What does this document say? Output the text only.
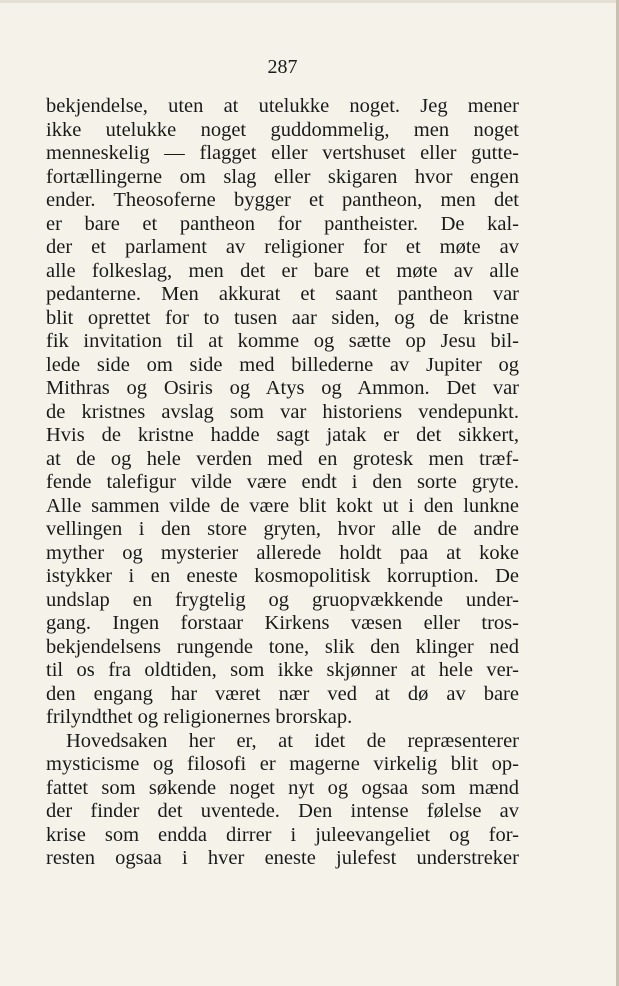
287

bekjendelse, uten at utelukke noget. Jeg mener
ikke utelukke noget guddommelig, men noget
menneskelig — flagget eller vertshuset eller gutte-
fortællingerne om slag eller skigaren hvor engen
ender. Theosoferne bygger et pantheon, men det
er bare et pantheon for pantheister. De kal-
der et parlament av religioner for et møte av
alle folkeslag, men det er bare et møte av alle
pedanterne. Men akkurat et saant pantheon var
blit oprettet for to tusen aar siden, og de kristne
fik invitation til at komme og sætte op Jesu bil-
lede side om side med billederne av Jupiter og
Mithras og Osiris og Atys og Ammon. Det var
de kristnes avslag som var historiens vendepunkt.
Hvis de kristne hadde sagt jatak er det sikkert,
at de og hele verden med en grotesk men træf-
fende talefigur vilde være endt i den sorte gryte.
Alle sammen vilde de være blit kokt ut i den lunkne
vellingen i den store gryten, hvor alle de andre
myther og mysterier allerede holdt paa at koke
istykker i en eneste kosmopolitisk korruption. De
undslap en frygtelig og gruopvækkende under-
gang. Ingen forstaar Kirkens væsen eller tros-
bekjendelsens rungende tone, slik den klinger ned
til os fra oldtiden, som ikke skjønner at hele ver-
den engang har været nær ved at dø av bare
frilyndthet og religionernes brorskap.
Hovedsaken her er, at idet de repræsenterer
mysticisme og filosofi er magerne virkelig blit op-
fattet som søkende noget nyt og ogsaa som mænd
der finder det uventede. Den intense følelse av
krise som endda dirrer i juleevangeliet og for-
resten ogsaa i hver eneste julefest understreker
